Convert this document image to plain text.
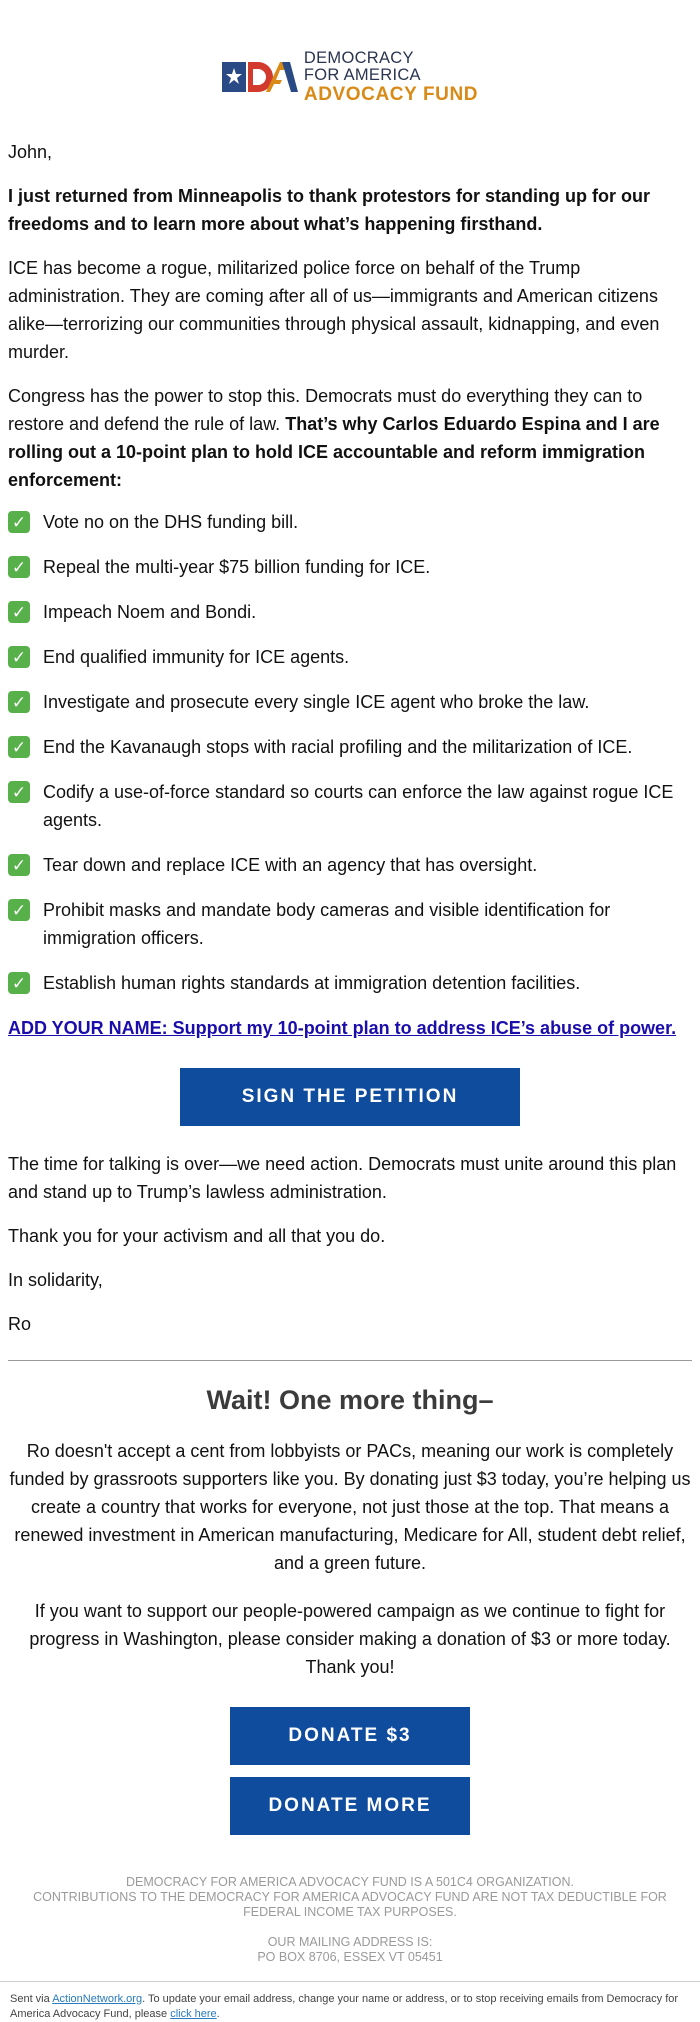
DEMOCRACY
FOR AMERICA
ADVOCACY FUND

John,

I just returned from Minneapolis to thank protestors for standing up for our freedoms and to learn more about what’s happening firsthand.

ICE has become a rogue, militarized police force on behalf of the Trump administration. They are coming after all of us—immigrants and American citizens alike—terrorizing our communities through physical assault, kidnapping, and even murder.

Congress has the power to stop this. Democrats must do everything they can to restore and defend the rule of law. That’s why Carlos Eduardo Espina and I are rolling out a 10-point plan to hold ICE accountable and reform immigration enforcement:

✓ Vote no on the DHS funding bill.
✓ Repeal the multi-year $75 billion funding for ICE.
✓ Impeach Noem and Bondi.
✓ End qualified immunity for ICE agents.
✓ Investigate and prosecute every single ICE agent who broke the law.
✓ End the Kavanaugh stops with racial profiling and the militarization of ICE.
✓ Codify a use-of-force standard so courts can enforce the law against rogue ICE agents.
✓ Tear down and replace ICE with an agency that has oversight.
✓ Prohibit masks and mandate body cameras and visible identification for immigration officers.
✓ Establish human rights standards at immigration detention facilities.
ADD YOUR NAME: Support my 10-point plan to address ICE’s abuse of power.
SIGN THE PETITION

The time for talking is over—we need action. Democrats must unite around this plan and stand up to Trump’s lawless administration.

Thank you for your activism and all that you do.

In solidarity,

Ro

Wait! One more thing–

Ro doesn't accept a cent from lobbyists or PACs, meaning our work is completely funded by grassroots supporters like you. By donating just $3 today, you’re helping us create a country that works for everyone, not just those at the top. That means a renewed investment in American manufacturing, Medicare for All, student debt relief, and a green future.

If you want to support our people-powered campaign as we continue to fight for progress in Washington, please consider making a donation of $3 or more today. Thank you!

DONATE $3
DONATE MORE
DEMOCRACY FOR AMERICA ADVOCACY FUND IS A 501C4 ORGANIZATION.
CONTRIBUTIONS TO THE DEMOCRACY FOR AMERICA ADVOCACY FUND ARE NOT TAX DEDUCTIBLE FOR FEDERAL INCOME TAX PURPOSES.
OUR MAILING ADDRESS IS:
PO BOX 8706, ESSEX VT 05451
Sent via ActionNetwork.org. To update your email address, change your name or address, or to stop receiving emails from Democracy for America Advocacy Fund, please click here.
